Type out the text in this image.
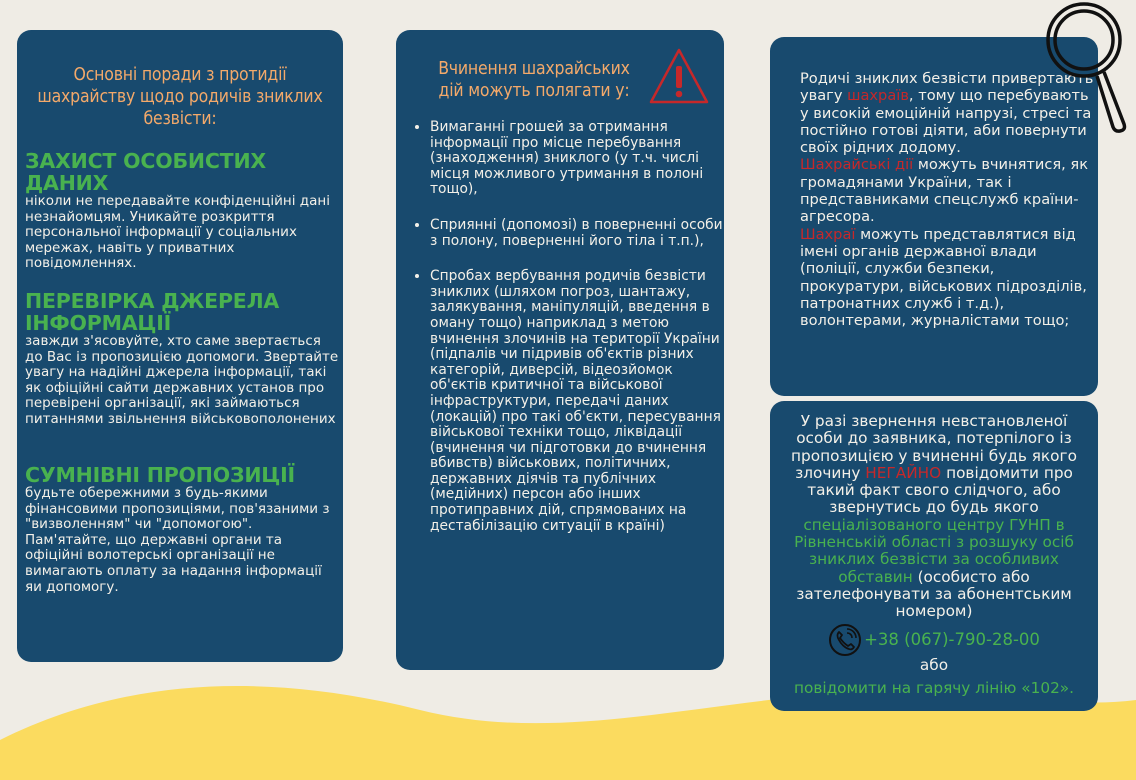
Основні поради з протидії шахрайству щодо родичів зниклих безвісти:
ЗАХИСТ ОСОБИСТИХ ДАНИХ

ніколи не передавайте конфіденційні дані незнайомцям. Уникайте розкриття персональної інформації у соціальних мережах, навіть у приватних повідомленнях.

ПЕРЕВІРКА ДЖЕРЕЛА ІНФОРМАЦІЇ

завжди з'ясовуйте, хто саме звертається до Вас із пропозицією допомоги. Звертайте увагу на надійні джерела інформації, такі як офіційні сайти державних установ про перевірені організації, які займаються питаннями звільнення військовополонених

СУМНІВНІ ПРОПОЗИЦІЇ

будьте обережними з будь-якими фінансовими пропозиціями, пов'язаними з "визволенням" чи "допомогою". Пам'ятайте, що державні органи та офіційні волотерські організації не вимагають оплату за надання інформації яи допомогу.

Вчинення шахрайських дій можуть полягати у:
• Вимаганні грошей за отримання інформації про місце перебування (знаходження) зниклого (у т.ч. числі місця можливого утримання в полоні тощо),
• Сприянні (допомозі) в поверненні особи з полону, поверненні його тіла і т.п.),
• Спробах вербування родичів безвісти зниклих (шляхом погроз, шантажу, залякування, маніпуляцій, введення в оману тощо) наприклад з метою вчинення злочинів на території України (підпалів чи підривів об'єктів різних категорій, диверсій, відеозйомок об'єктів критичної та військової інфраструктури, передачі даних (локацій) про такі об'єкти, пересування військової техніки тощо, ліквідації (вчинення чи підготовки до вчинення вбивств) військових, політичних, державних діячів та публічних (медійних) персон або інших протиправних дій, спрямованих на дестабілізацію ситуації в країні)

Родичі зниклих безвісти привертають увагу шахраїв, тому що перебувають у високій емоційній напрузі, стресі та постійно готові діяти, аби повернути своїх рідних додому.
Шахрайські дії можуть вчинятися, як громадянами України, так і представниками спецслужб країни-агресора.
Шахраї можуть представлятися від імені органів державної влади (поліції, служби безпеки, прокуратури, військових підрозділів, патронатних служб і т.д.), волонтерами, журналістами тощо;

У разі звернення невстановленої особи до заявника, потерпілого із пропозицією у вчиненні будь якого злочину НЕГАЙНО повідомити про такий факт свого слідчого, або звернутись до будь якого спеціалізованого центру ГУНП в Рівненській області з розшуку осіб зниклих безвісти за особливих обставин (особисто або зателефонувати за абонентським номером)

+38 (067)-790-28-00
або
повідомити на гарячу лінію «102».
